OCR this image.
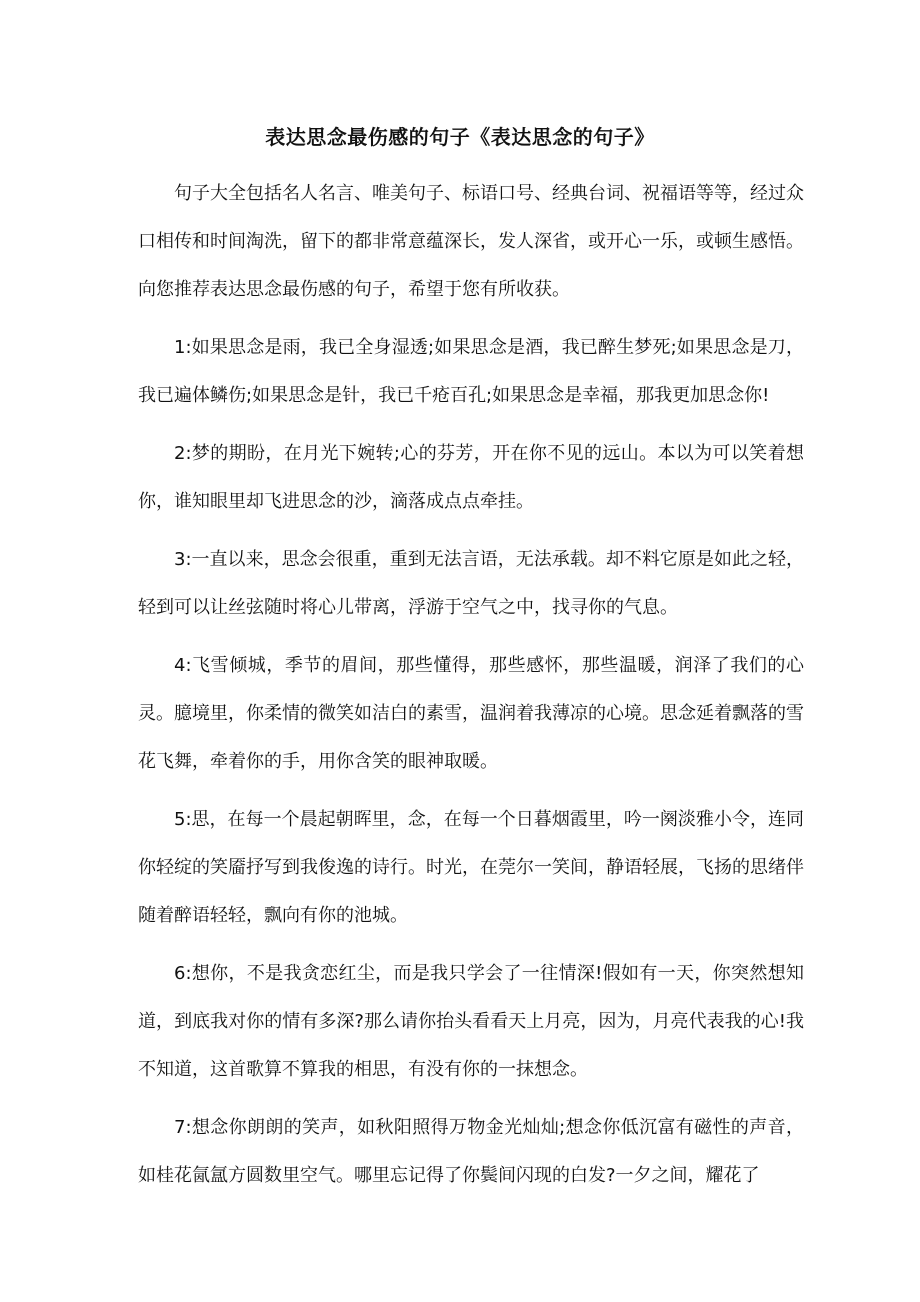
表达思念最伤感的句子《表达思念的句子》

句子大全包括名人名言、唯美句子、标语口号、经典台词、祝福语等等，经过众口相传和时间淘洗，留下的都非常意蕴深长，发人深省，或开心一乐，或顿生感悟。向您推荐表达思念最伤感的句子，希望于您有所收获。

1:如果思念是雨，我已全身湿透;如果思念是酒，我已醉生梦死;如果思念是刀，我已遍体鳞伤;如果思念是针，我已千疮百孔;如果思念是幸福，那我更加思念你!

2:梦的期盼，在月光下婉转;心的芬芳，开在你不见的远山。本以为可以笑着想你，谁知眼里却飞进思念的沙，滴落成点点牵挂。

3:一直以来，思念会很重，重到无法言语，无法承载。却不料它原是如此之轻，轻到可以让丝弦随时将心儿带离，浮游于空气之中，找寻你的气息。

4:飞雪倾城，季节的眉间，那些懂得，那些感怀，那些温暖，润泽了我们的心灵。臆境里，你柔情的微笑如洁白的素雪，温润着我薄凉的心境。思念延着飘落的雪花飞舞，牵着你的手，用你含笑的眼神取暖。

5:思，在每一个晨起朝晖里，念，在每一个日暮烟霞里，吟一阕淡雅小令，连同你轻绽的笑靥抒写到我俊逸的诗行。时光，在莞尔一笑间，静语轻展，飞扬的思绪伴随着醉语轻轻，飘向有你的池城。

6:想你，不是我贪恋红尘，而是我只学会了一往情深!假如有一天，你突然想知道，到底我对你的情有多深?那么请你抬头看看天上月亮，因为，月亮代表我的心!我不知道，这首歌算不算我的相思，有没有你的一抹想念。

7:想念你朗朗的笑声，如秋阳照得万物金光灿灿;想念你低沉富有磁性的声音，如桂花氤氲方圆数里空气。哪里忘记得了你鬓间闪现的白发?一夕之间，耀花了
